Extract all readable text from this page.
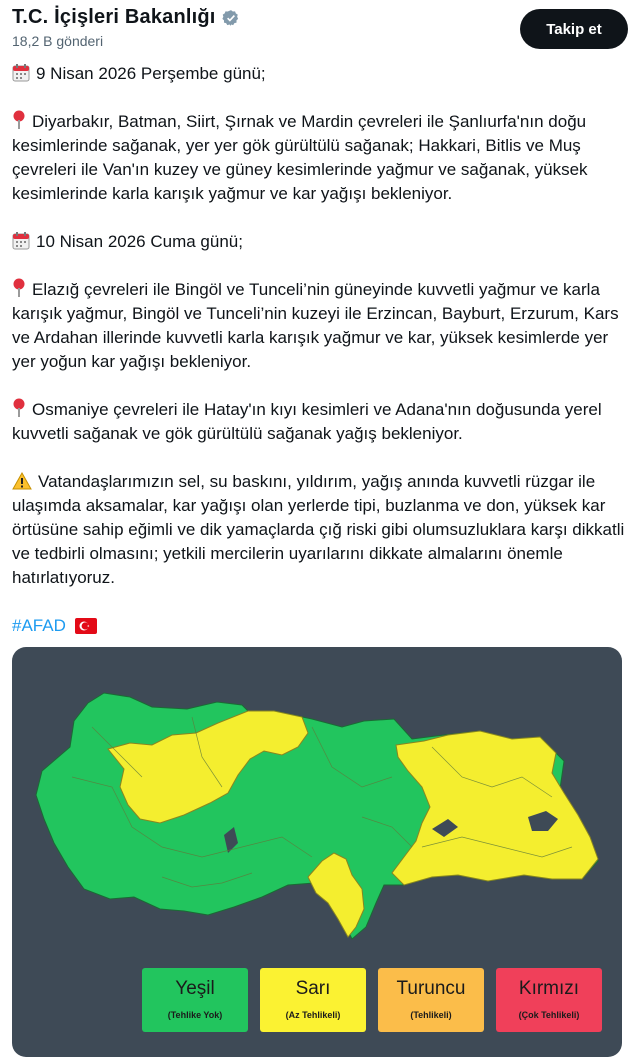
T.C. İçişleri Bakanlığı
18,2 B gönderi
Takip et

9 Nisan 2026 Perşembe günü;

Diyarbakır, Batman, Siirt, Şırnak ve Mardin çevreleri ile Şanlıurfa'nın doğu kesimlerinde sağanak, yer yer gök gürültülü sağanak; Hakkari, Bitlis ve Muş çevreleri ile Van'ın kuzey ve güney kesimlerinde yağmur ve sağanak, yüksek kesimlerinde karla karışık yağmur ve kar yağışı bekleniyor.

10 Nisan 2026 Cuma günü;

Elazığ çevreleri ile Bingöl ve Tunceli’nin güneyinde kuvvetli yağmur ve karla karışık yağmur, Bingöl ve Tunceli’nin kuzeyi ile Erzincan, Bayburt, Erzurum, Kars ve Ardahan illerinde kuvvetli karla karışık yağmur ve kar, yüksek kesimlerde yer yer yoğun kar yağışı bekleniyor.

Osmaniye çevreleri ile Hatay'ın kıyı kesimleri ve Adana'nın doğusunda yerel kuvvetli sağanak ve gök gürültülü sağanak yağış bekleniyor.

Vatandaşlarımızın sel, su baskını, yıldırım, yağış anında kuvvetli rüzgar ile ulaşımda aksamalar, kar yağışı olan yerlerde tipi, buzlanma ve don, yüksek kar örtüsüne sahip eğimli ve dik yamaçlarda çığ riski gibi olumsuzluklara karşı dikkatli ve tedbirli olmasını; yetkili mercilerin uyarılarını dikkate almalarını önemle hatırlatıyoruz.

#AFAD

Yeşil
(Tehlike Yok)
Sarı
(Az Tehlikeli)
Turuncu
(Tehlikeli)
Kırmızı
(Çok Tehlikeli)
